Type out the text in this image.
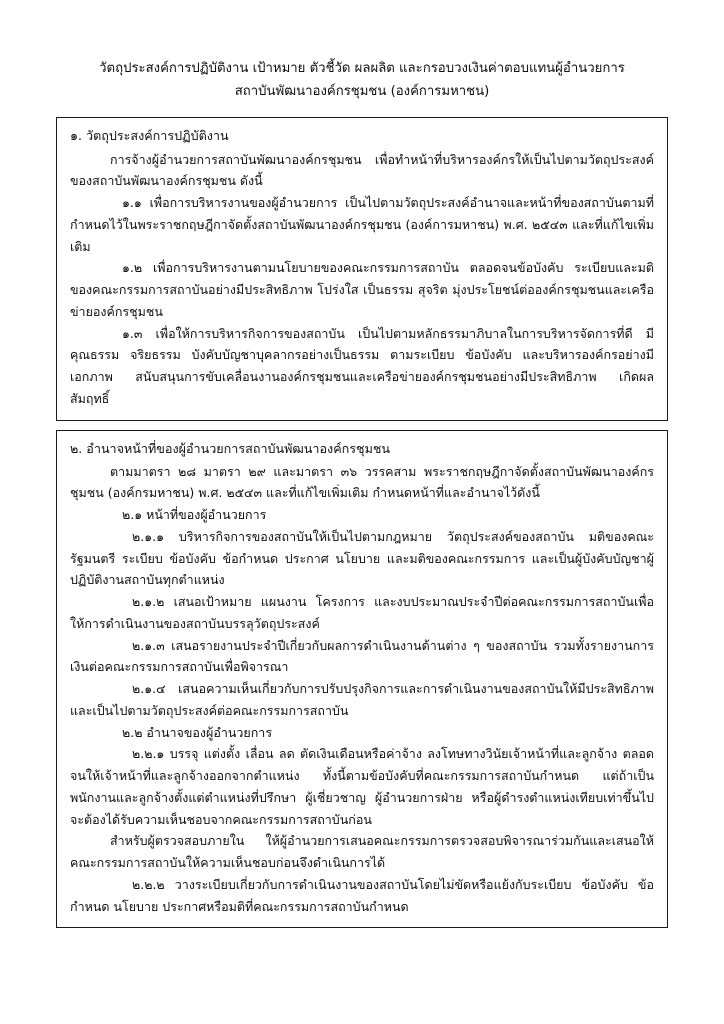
วัตถุประสงค์การปฏิบัติงาน เป้าหมาย ตัวชี้วัด ผลผลิต และกรอบวงเงินค่าตอบแทนผู้อำนวยการ
สถาบันพัฒนาองค์กรชุมชน (องค์การมหาชน)

๑. วัตถุประสงค์การปฏิบัติงาน

การจ้างผู้อำนวยการสถาบันพัฒนาองค์กรชุมชน เพื่อทำหน้าที่บริหารองค์กรให้เป็นไปตามวัตถุประสงค์ของสถาบันพัฒนาองค์กรชุมชน ดังนี้

๑.๑ เพื่อการบริหารงานของผู้อำนวยการ เป็นไปตามวัตถุประสงค์อำนาจและหน้าที่ของสถาบันตามที่กำหนดไว้ในพระราชกฤษฎีกาจัดตั้งสถาบันพัฒนาองค์กรชุมชน (องค์การมหาชน) พ.ศ. ๒๕๔๓ และที่แก้ไขเพิ่มเติม

๑.๒ เพื่อการบริหารงานตามนโยบายของคณะกรรมการสถาบัน ตลอดจนข้อบังคับ ระเบียบและมติของคณะกรรมการสถาบันอย่างมีประสิทธิภาพ โปร่งใส เป็นธรรม สุจริต มุ่งประโยชน์ต่อองค์กรชุมชนและเครือข่ายองค์กรชุมชน

๑.๓ เพื่อให้การบริหารกิจการของสถาบัน เป็นไปตามหลักธรรมาภิบาลในการบริหารจัดการที่ดี มีคุณธรรม จริยธรรม บังคับบัญชาบุคลากรอย่างเป็นธรรม ตามระเบียบ ข้อบังคับ และบริหารองค์กรอย่างมีเอกภาพ สนับสนุนการขับเคลื่อนงานองค์กรชุมชนและเครือข่ายองค์กรชุมชนอย่างมีประสิทธิภาพ เกิดผลสัมฤทธิ์

๒. อำนาจหน้าที่ของผู้อำนวยการสถาบันพัฒนาองค์กรชุมชน

ตามมาตรา ๒๘ มาตรา ๒๙ และมาตรา ๓๖ วรรคสาม พระราชกฤษฎีกาจัดตั้งสถาบันพัฒนาองค์กรชุมชน (องค์กรมหาชน) พ.ศ. ๒๕๔๓ และที่แก้ไขเพิ่มเติม กำหนดหน้าที่และอำนาจไว้ดังนี้

๒.๑ หน้าที่ของผู้อำนวยการ

๒.๑.๑ บริหารกิจการของสถาบันให้เป็นไปตามกฎหมาย วัตถุประสงค์ของสถาบัน มติของคณะรัฐมนตรี ระเบียบ ข้อบังคับ ข้อกำหนด ประกาศ นโยบาย และมติของคณะกรรมการ และเป็นผู้บังคับบัญชาผู้ปฏิบัติงานสถาบันทุกตำแหน่ง

๒.๑.๒ เสนอเป้าหมาย แผนงาน โครงการ และงบประมาณประจำปีต่อคณะกรรมการสถาบันเพื่อให้การดำเนินงานของสถาบันบรรลุวัตถุประสงค์

๒.๑.๓ เสนอรายงานประจำปีเกี่ยวกับผลการดำเนินงานด้านต่าง ๆ ของสถาบัน รวมทั้งรายงานการเงินต่อคณะกรรมการสถาบันเพื่อพิจารณา

๒.๑.๔ เสนอความเห็นเกี่ยวกับการปรับปรุงกิจการและการดำเนินงานของสถาบันให้มีประสิทธิภาพและเป็นไปตามวัตถุประสงค์ต่อคณะกรรมการสถาบัน

๒.๒ อำนาจของผู้อำนวยการ

๒.๒.๑ บรรจุ แต่งตั้ง เลื่อน ลด ตัดเงินเดือนหรือค่าจ้าง ลงโทษทางวินัยเจ้าหน้าที่และลูกจ้าง ตลอดจนให้เจ้าหน้าที่และลูกจ้างออกจากตำแหน่ง ทั้งนี้ตามข้อบังคับที่คณะกรรมการสถาบันกำหนด แต่ถ้าเป็นพนักงานและลูกจ้างตั้งแต่ตำแหน่งที่ปรึกษา ผู้เชี่ยวชาญ ผู้อำนวยการฝ่าย หรือผู้ดำรงตำแหน่งเทียบเท่าขึ้นไป จะต้องได้รับความเห็นชอบจากคณะกรรมการสถาบันก่อน

สำหรับผู้ตรวจสอบภายใน ให้ผู้อำนวยการเสนอคณะกรรมการตรวจสอบพิจารณาร่วมกันและเสนอให้คณะกรรมการสถาบันให้ความเห็นชอบก่อนจึงดำเนินการได้

๒.๒.๒ วางระเบียบเกี่ยวกับการดำเนินงานของสถาบันโดยไม่ขัดหรือแย้งกับระเบียบ ข้อบังคับ ข้อกำหนด นโยบาย ประกาศหรือมติที่คณะกรรมการสถาบันกำหนด
